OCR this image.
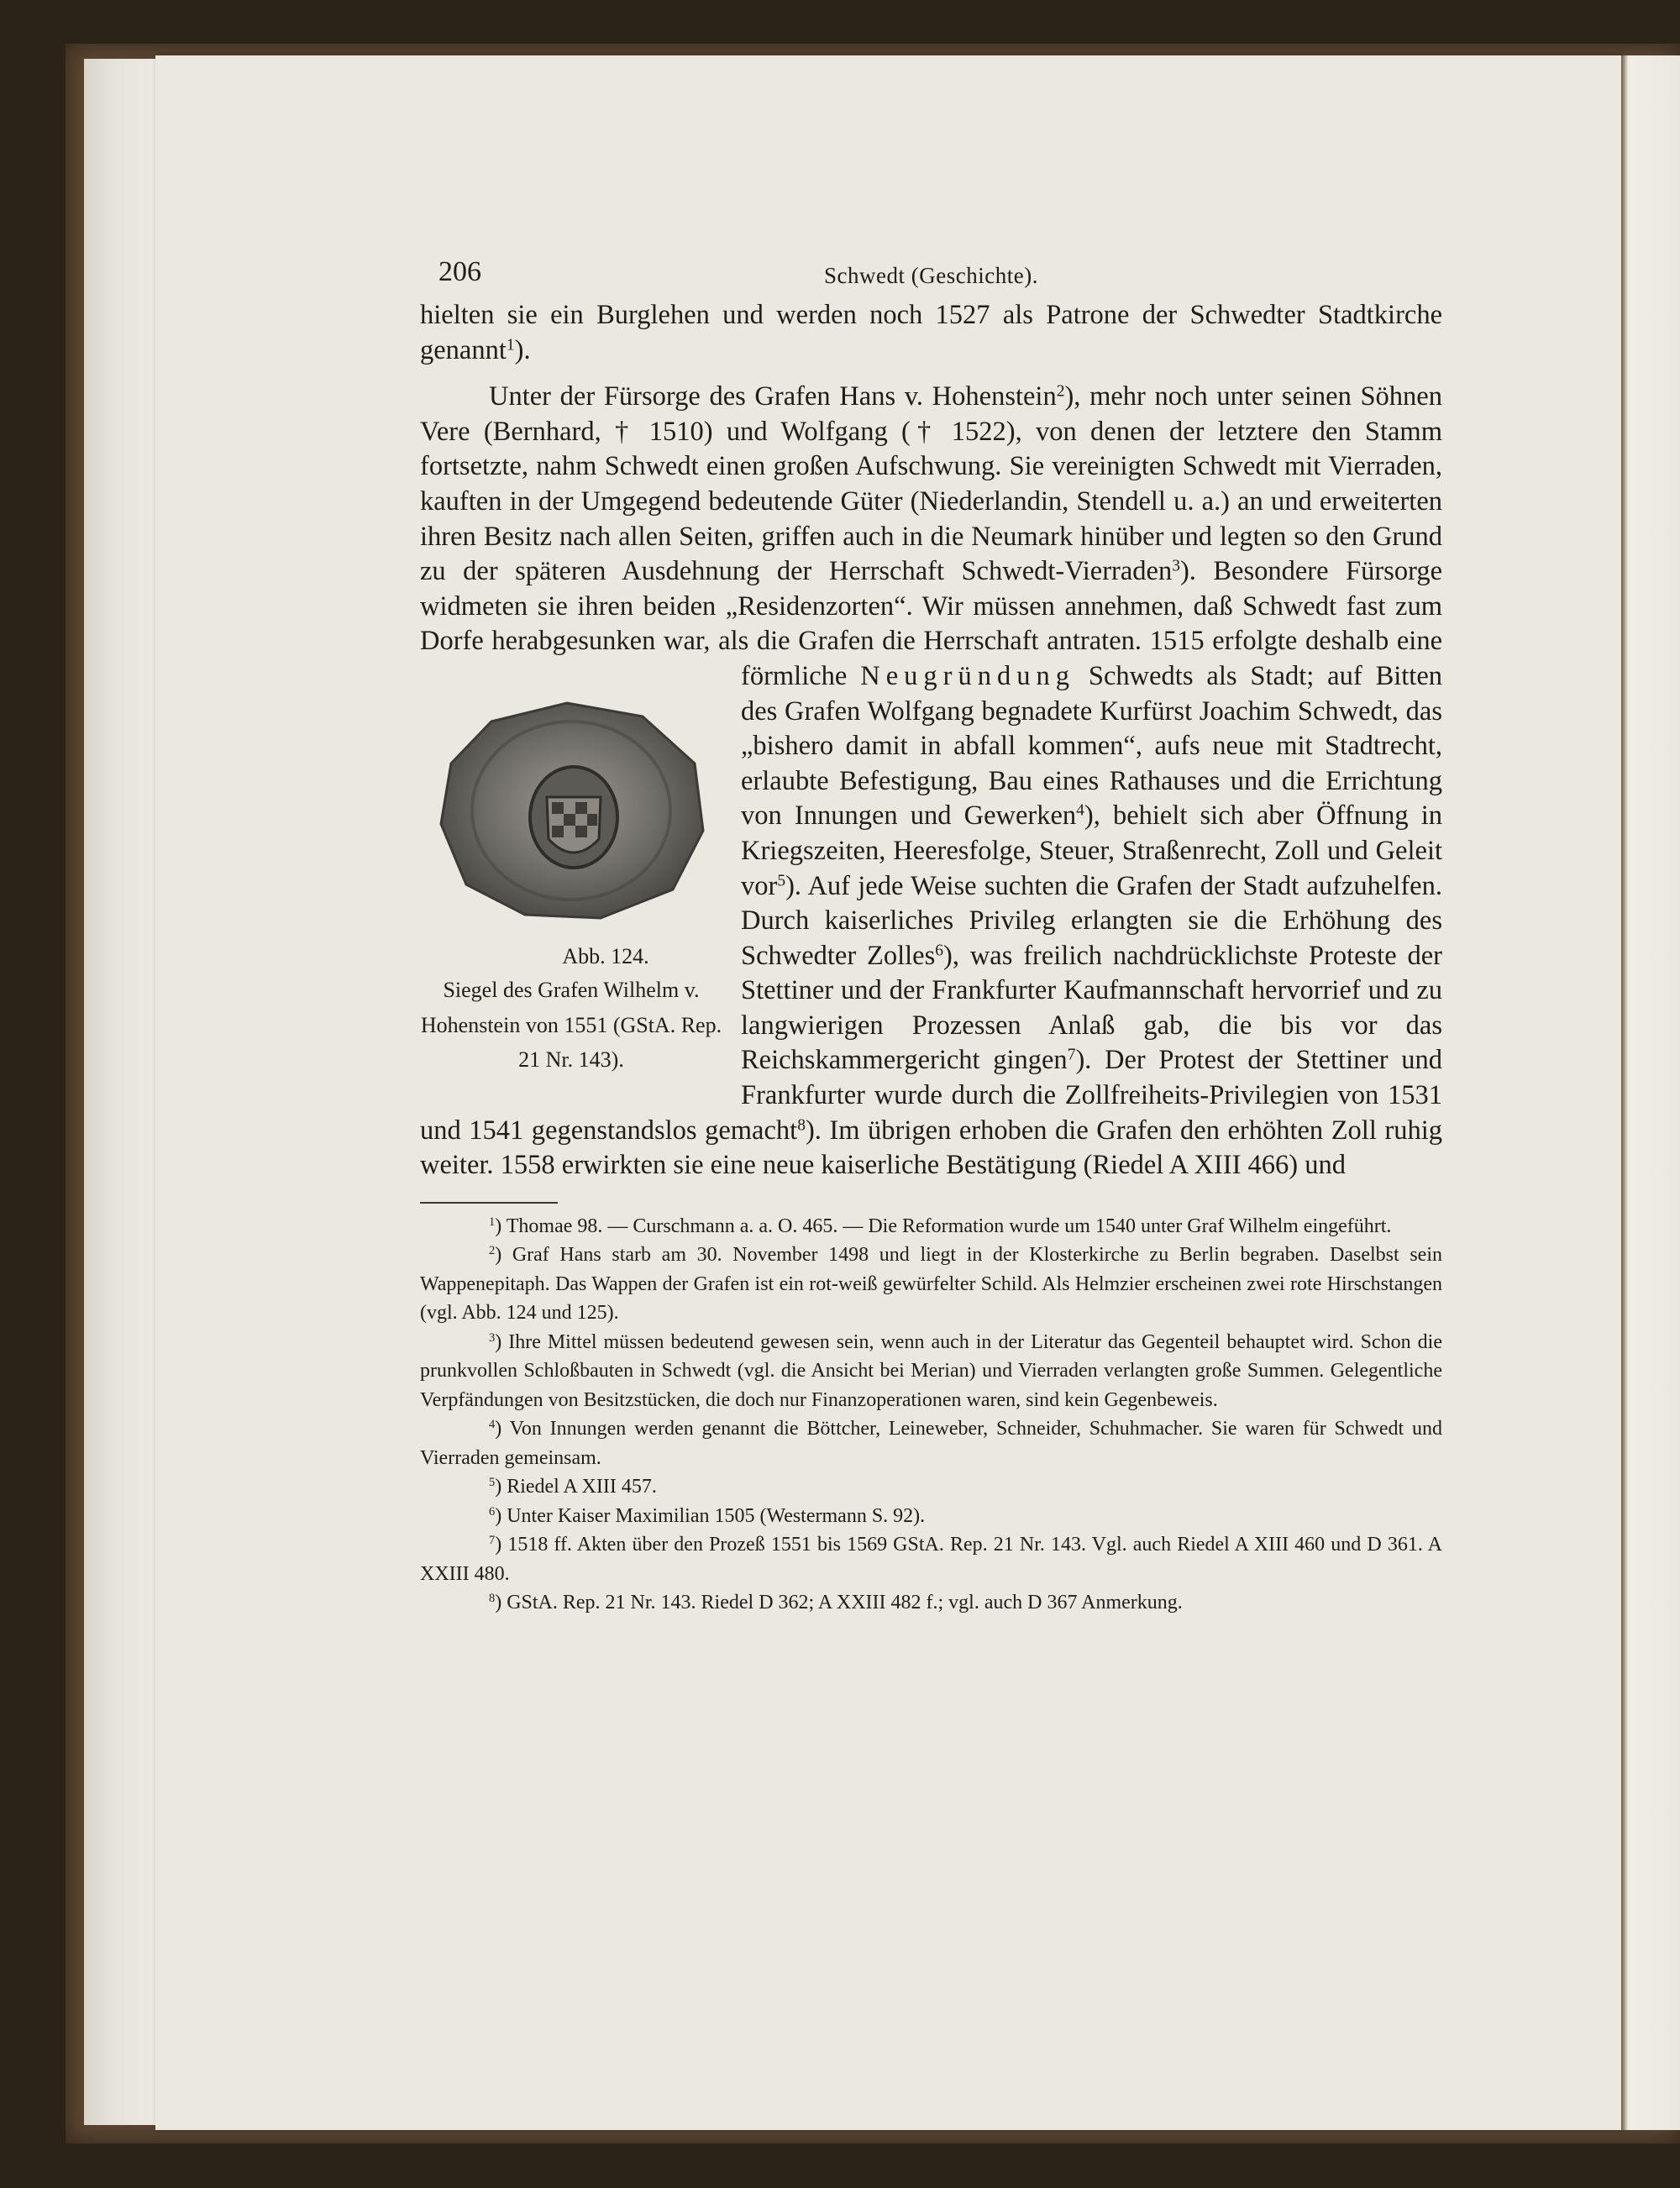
206	Schwedt (Geschichte).

hielten sie ein Burglehen und werden noch 1527 als Patrone der Schwedter Stadtkirche genannt$^1$).

Unter der Fürsorge des Grafen Hans v. Hohenstein$^2$), mehr noch unter seinen Söhnen Vere (Bernhard, † 1510) und Wolfgang († 1522), von denen der letztere den Stamm fortsetzte, nahm Schwedt einen großen Aufschwung. Sie vereinigten Schwedt mit Vierraden, kauften in der Umgegend bedeutende Güter (Niederlandin, Stendell u. a.) an und erweiterten ihren Besitz nach allen Seiten, griffen auch in die Neumark hinüber und legten so den Grund zu der späteren Ausdehnung der Herrschaft Schwedt-Vierraden$^3$). Besondere Fürsorge widmeten sie ihren beiden „Residenzorten“. Wir müssen annehmen, daß Schwedt fast zum Dorfe herabgesunken war, als die Grafen die Herrschaft antraten. 1515 erfolgte deshalb eine förmliche
Abb. 124.
Siegel des Grafen Wilhelm v. Hohenstein von 1551 (GStA. Rep. 21 Nr. 143).
Neugründung Schwedts als Stadt; auf Bitten des Grafen Wolfgang begnadete Kurfürst Joachim Schwedt, das „bishero damit in abfall kommen“, aufs neue mit Stadtrecht, erlaubte Befestigung, Bau eines Rathauses und die Errichtung von Innungen und Gewerken$^4$), behielt sich aber Öffnung in Kriegszeiten, Heeresfolge, Steuer, Straßenrecht, Zoll und Geleit vor$^5$). Auf jede Weise suchten die Grafen der Stadt aufzuhelfen. Durch kaiserliches Privileg erlangten sie die Erhöhung des Schwedter Zolles$^6$), was freilich nachdrücklichste Proteste der Stettiner und der Frankfurter Kaufmannschaft hervorrief und zu langwierigen Prozessen Anlaß gab, die bis vor das Reichskammergericht gingen$^7$). Der Protest der Stettiner und Frankfurter wurde durch die Zollfreiheits-Privilegien von 1531 und 1541 gegenstandslos gemacht$^8$). Im übrigen erhoben die Grafen den erhöhten Zoll ruhig weiter. 1558 erwirkten sie eine neue kaiserliche Bestätigung (Riedel A XIII 466) und

$^1$) Thomae 98. — Curschmann a. a. O. 465. — Die Reformation wurde um 1540 unter Graf Wilhelm eingeführt.

$^2$) Graf Hans starb am 30. November 1498 und liegt in der Klosterkirche zu Berlin begraben. Daselbst sein Wappenepitaph. Das Wappen der Grafen ist ein rot-weiß gewürfelter Schild. Als Helmzier erscheinen zwei rote Hirschstangen (vgl. Abb. 124 und 125).

$^3$) Ihre Mittel müssen bedeutend gewesen sein, wenn auch in der Literatur das Gegenteil behauptet wird. Schon die prunkvollen Schloßbauten in Schwedt (vgl. die Ansicht bei Merian) und Vierraden verlangten große Summen. Gelegentliche Verpfändungen von Besitzstücken, die doch nur Finanzoperationen waren, sind kein Gegenbeweis.

$^4$) Von Innungen werden genannt die Böttcher, Leineweber, Schneider, Schuhmacher. Sie waren für Schwedt und Vierraden gemeinsam.

$^5$) Riedel A XIII 457.

$^6$) Unter Kaiser Maximilian 1505 (Westermann S. 92).

$^7$) 1518 ff. Akten über den Prozeß 1551 bis 1569 GStA. Rep. 21 Nr. 143. Vgl. auch Riedel A XIII 460 und D 361. A XXIII 480.

$^8$) GStA. Rep. 21 Nr. 143. Riedel D 362; A XXIII 482 f.; vgl. auch D 367 Anmerkung.
